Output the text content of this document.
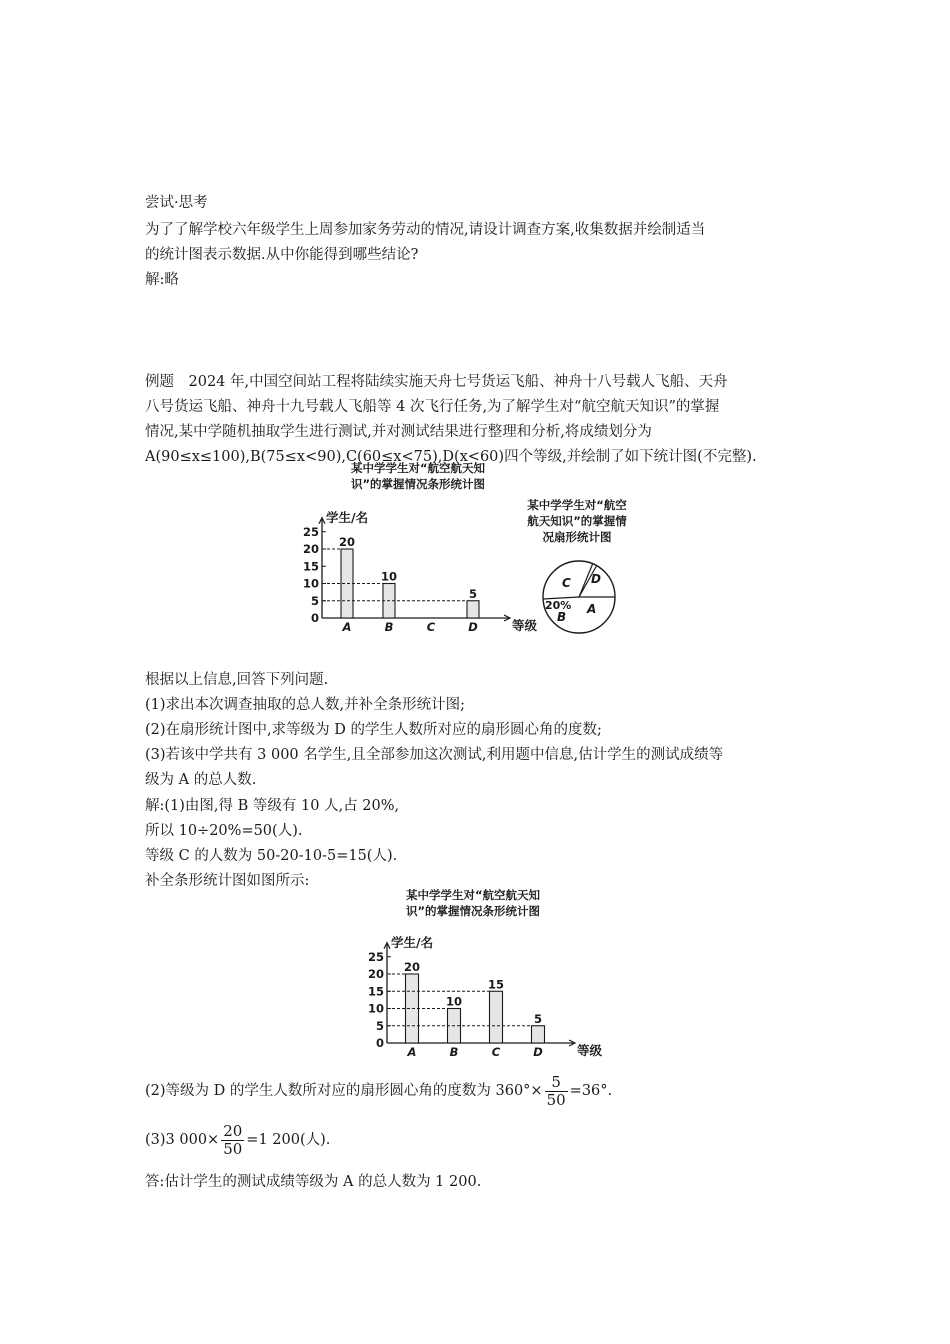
尝试·思考
为了了解学校六年级学生上周参加家务劳动的情况,请设计调查方案,收集数据并绘制适当
的统计图表示数据.从中你能得到哪些结论?
解:略
例题　2024 年,中国空间站工程将陆续实施天舟七号货运飞船、神舟十八号载人飞船、天舟
八号货运飞船、神舟十九号载人飞船等 4 次飞行任务,为了解学生对“航空航天知识”的掌握
情况,某中学随机抽取学生进行测试,并对测试结果进行整理和分析,将成绩划分为
A(90≤x≤100),B(75≤x<90),C(60≤x<75),D(x<60)四个等级,并绘制了如下统计图(不完整).
某中学学生对“航空航天知
识”的掌握情况条形统计图
学生/名
等级
0
5
10
15
20
25
20
A
10
B	C
5
D
某中学学生对“航空
航天知识”的掌握情
况扇形统计图
C D
20%
B
A
根据以上信息,回答下列问题.
(1)求出本次调查抽取的总人数,并补全条形统计图;
(2)在扇形统计图中,求等级为 D 的学生人数所对应的扇形圆心角的度数;
(3)若该中学共有 3 000 名学生,且全部参加这次测试,利用题中信息,估计学生的测试成绩等
级为 A 的总人数.
解:(1)由图,得 B 等级有 10 人,占 20%,
所以 10÷20%=50(人).
等级 C 的人数为 50-20-10-5=15(人).
补全条形统计图如图所示:
某中学学生对“航空航天知
识”的掌握情况条形统计图
学生/名
等级
0
5
10
15
20
25
20
A
10
B
15
C
5
D
(2)等级为 D 的学生人数所对应的扇形圆心角的度数为 $360^\circ\times \frac{5}{50} =36^\circ$.
(3)3 $000\times \frac{20}{50} =1$ 200(人).
答:估计学生的测试成绩等级为 A 的总人数为 1 200.
